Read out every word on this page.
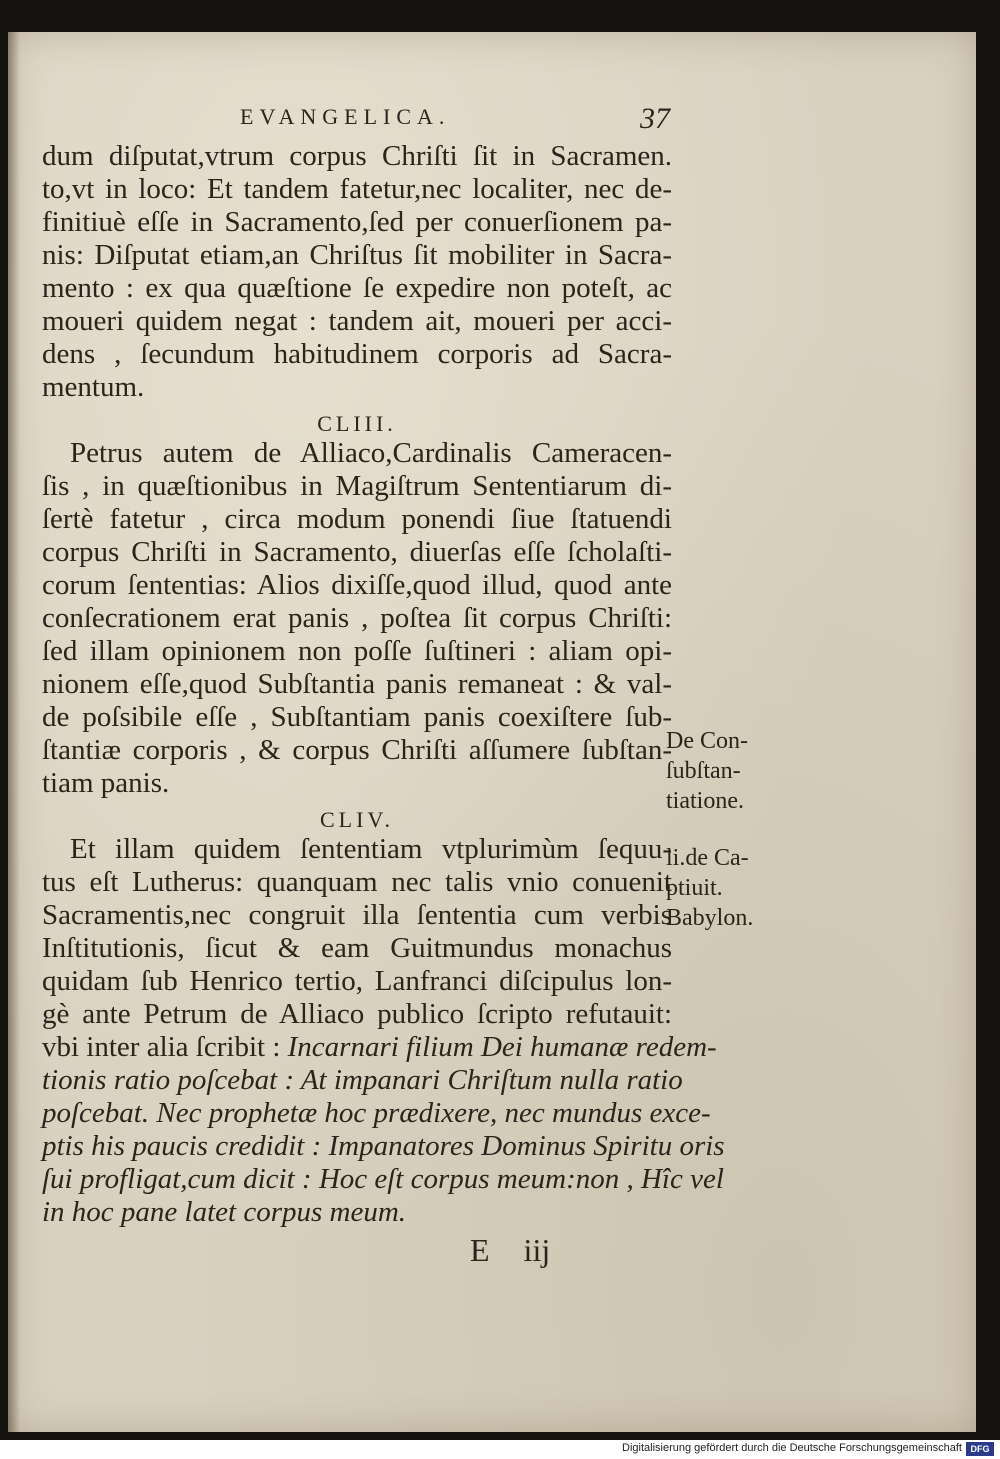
EVANGELICA.	37
dum diſputat,vtrum corpus Chriſti ſit in Sacramen.
to,vt in loco: Et tandem fatetur,nec localiter, nec de-
finitiuè eſſe in Sacramento,ſed per conuerſionem pa-
nis: Diſputat etiam,an Chriſtus ſit mobiliter in Sacra-
mento : ex qua quæſtione ſe expedire non poteſt, ac
moueri quidem negat : tandem ait, moueri per acci-
dens , ſecundum habitudinem corporis ad Sacra-
mentum.
CLIII.
Petrus autem de Alliaco,Cardinalis Cameracen-
ſis , in quæſtionibus in Magiſtrum Sententiarum di-
ſertè fatetur , circa modum ponendi ſiue ſtatuendi
corpus Chriſti in Sacramento, diuerſas eſſe ſcholaſti-
corum ſententias: Alios dixiſſe,quod illud, quod ante
conſecrationem erat panis , poſtea ſit corpus Chriſti:
ſed illam opinionem non poſſe ſuſtineri : aliam opi-
nionem eſſe,quod Subſtantia panis remaneat : & val-
de poſsibile eſſe , Subſtantiam panis coexiſtere ſub-
ſtantiæ corporis , & corpus Chriſti aſſumere ſubſtan-
tiam panis.
CLIV.
Et illam quidem ſententiam vtplurimùm ſequu-
tus eſt Lutherus: quanquam nec talis vnio conuenit
Sacramentis,nec congruit illa ſententia cum verbis
Inſtitutionis, ſicut & eam Guitmundus monachus
quidam ſub Henrico tertio, Lanfranci diſcipulus lon-
gè ante Petrum de Alliaco publico ſcripto refutauit:
vbi inter alia ſcribit : Incarnari filium Dei humanæ redem-
tionis ratio poſcebat : At impanari Chriſtum nulla ratio
poſcebat. Nec prophetæ hoc prædixere, nec mundus exce-
ptis his paucis credidit : Impanatores Dominus Spiritu oris
ſui profligat,cum dicit : Hoc eſt corpus meum:non , Hîc vel
in hoc pane latet corpus meum.
De Con-
ſubſtan-
tiatione.
li.de Ca-
ptiuit.
Babylon.
E iij
Digitalisierung gefördert durch die Deutsche Forschungsgemeinschaft DFG
